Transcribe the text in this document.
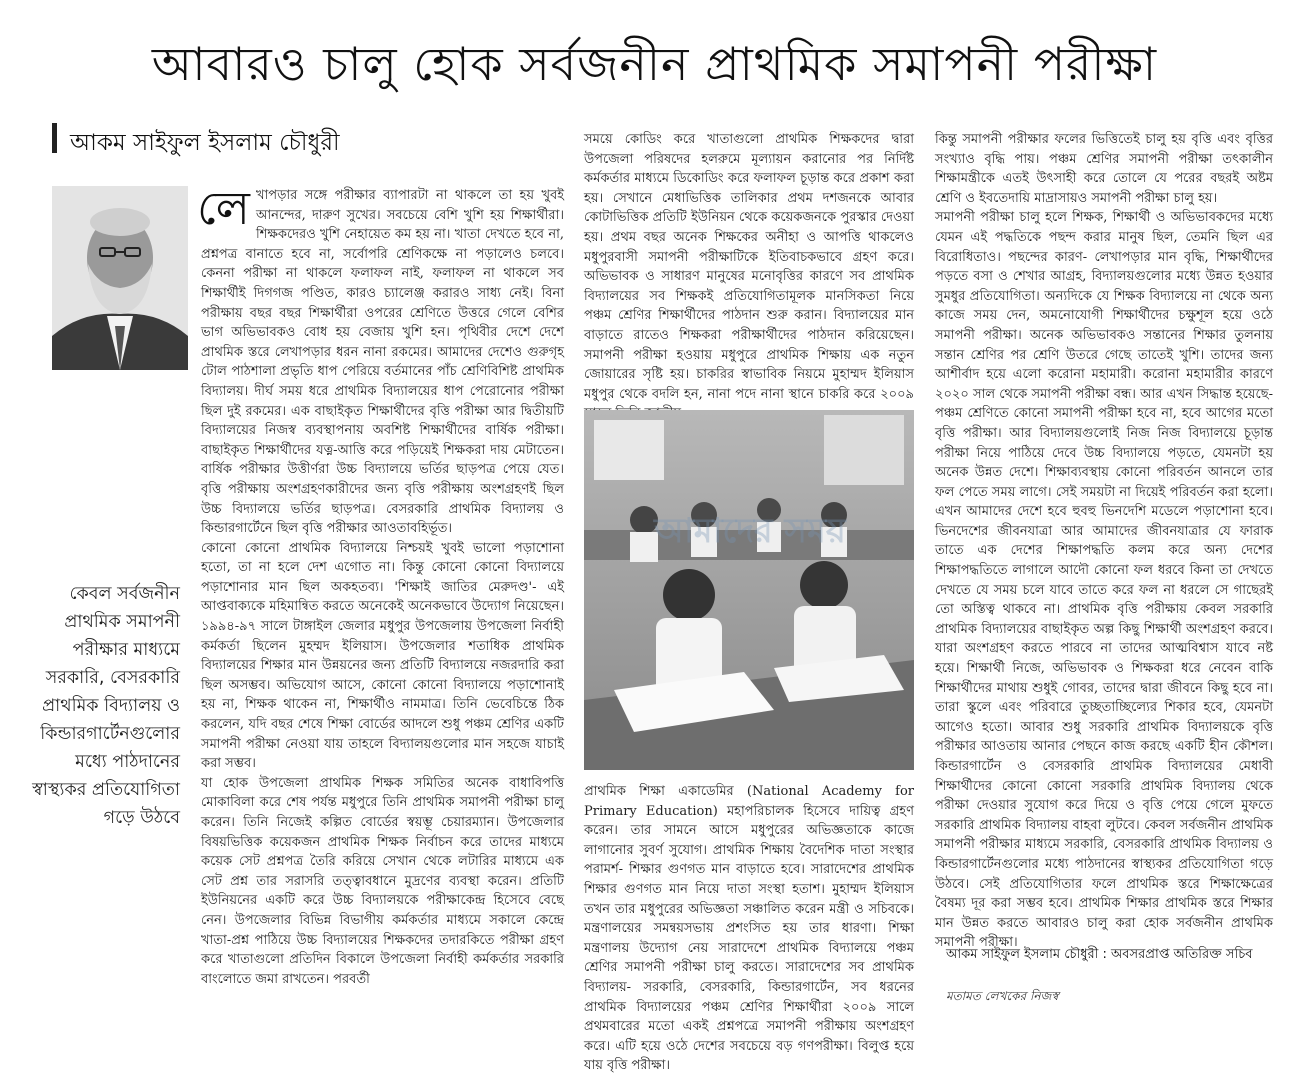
আবারও চালু হোক সর্বজনীন প্রাথমিক সমাপনী পরীক্ষা
আকম সাইফুল ইসলাম চৌধুরী
কেবল সর্বজনীন প্রাথমিক সমাপনী পরীক্ষার মাধ্যমে সরকারি, বেসরকারি প্রাথমিক বিদ্যালয় ও কিন্ডারগার্টেনগুলোর মধ্যে পাঠদানের স্বাস্থ্যকর প্রতিযোগিতা গড়ে উঠবে
লে খাপড়ার সঙ্গে পরীক্ষার ব্যাপারটা না থাকলে তা হয় খুবই আনন্দের, দারুণ সুখের। সবচেয়ে বেশি খুশি হয় শিক্ষার্থীরা। শিক্ষকদেরও খুশি নেহায়েত কম হয় না। খাতা দেখতে হবে না, প্রশ্নপত্র বানাতে হবে না, সর্বোপরি শ্রেণিকক্ষে না পড়ালেও চলবে। কেননা পরীক্ষা না থাকলে ফলাফল নাই, ফলাফল না থাকলে সব শিক্ষার্থীই দিগগজ পণ্ডিত, কারও চ্যালেঞ্জ করারও সাধ্য নেই। বিনা পরীক্ষায় বছর বছর শিক্ষার্থীরা ওপরের শ্রেণিতে উত্তরে গেলে বেশির ভাগ অভিভাবকও বোধ হয় বেজায় খুশি হন। পৃথিবীর দেশে দেশে প্রাথমিক স্তরে লেখাপড়ার ধরন নানা রকমের। আমাদের দেশেও গুরুগৃহ টোল পাঠশালা প্রভৃতি ধাপ পেরিয়ে বর্তমানের পাঁচ শ্রেণিবিশিষ্ট প্রাথমিক বিদ্যালয়। দীর্ঘ সময় ধরে প্রাথমিক বিদ্যালয়ের ধাপ পেরোনোর পরীক্ষা ছিল দুই রকমের। এক বাছাইকৃত শিক্ষার্থীদের বৃত্তি পরীক্ষা আর দ্বিতীয়টি বিদ্যালয়ের নিজস্ব ব্যবস্থাপনায় অবশিষ্ট শিক্ষার্থীদের বার্ষিক পরীক্ষা। বাছাইকৃত শিক্ষার্থীদের যত্ন-আত্তি করে পড়িয়েই শিক্ষকরা দায় মেটাতেন। বার্ষিক পরীক্ষার উত্তীর্ণরা উচ্চ বিদ্যালয়ে ভর্তির ছাড়পত্র পেয়ে যেত। বৃত্তি পরীক্ষায় অংশগ্রহণকারীদের জন্য বৃত্তি পরীক্ষায় অংশগ্রহণই ছিল উচ্চ বিদ্যালয়ে ভর্তির ছাড়পত্র। বেসরকারি প্রাথমিক বিদ্যালয় ও কিন্ডারগার্টেনে ছিল বৃত্তি পরীক্ষার আওতাবহির্ভূত।

কোনো কোনো প্রাথমিক বিদ্যালয়ে নিশ্চয়ই খুবই ভালো পড়াশোনা হতো, তা না হলে দেশ এগোত না। কিন্তু কোনো কোনো বিদ্যালয়ে পড়াশোনার মান ছিল অকহতব্য। 'শিক্ষাই জাতির মেরুদণ্ড'- এই আপ্তবাক্যকে মহিমান্বিত করতে অনেকেই অনেকভাবে উদ্যোগ নিয়েছেন। ১৯৯৪-৯৭ সালে টাঙ্গাইল জেলার মধুপুর উপজেলায় উপজেলা নির্বাহী কর্মকর্তা ছিলেন মুহম্মদ ইলিয়াস। উপজেলার শতাধিক প্রাথমিক বিদ্যালয়ের শিক্ষার মান উন্নয়নের জন্য প্রতিটি বিদ্যালয়ে নজরদারি করা ছিল অসম্ভব। অভিযোগ আসে, কোনো কোনো বিদ্যালয়ে পড়াশোনাই হয় না, শিক্ষক থাকেন না, শিক্ষার্থীও নামমাত্র। তিনি ভেবেচিন্তে ঠিক করলেন, যদি বছর শেষে শিক্ষা বোর্ডের আদলে শুধু পঞ্চম শ্রেণির একটি সমাপনী পরীক্ষা নেওয়া যায় তাহলে বিদ্যালয়গুলোর মান সহজে যাচাই করা সম্ভব।

যা হোক উপজেলা প্রাথমিক শিক্ষক সমিতির অনেক বাধাবিপত্তি মোকাবিলা করে শেষ পর্যন্ত মধুপুরে তিনি প্রাথমিক সমাপনী পরীক্ষা চালু করেন। তিনি নিজেই কল্পিত বোর্ডের স্বয়ম্ভূ চেয়ারম্যান। উপজেলার বিষয়ভিত্তিক কয়েকজন প্রাথমিক শিক্ষক নির্বাচন করে তাদের মাধ্যমে কয়েক সেট প্রশ্নপত্র তৈরি করিয়ে সেখান থেকে লটারির মাধ্যমে এক সেট প্রশ্ন তার সরাসরি তত্ত্বাবধানে মুদ্রণের ব্যবস্থা করেন। প্রতিটি ইউনিয়নের একটি করে উচ্চ বিদ্যালয়কে পরীক্ষাকেন্দ্র হিসেবে বেছে নেন। উপজেলার বিভিন্ন বিভাগীয় কর্মকর্তার মাধ্যমে সকালে কেন্দ্রে খাতা-প্রশ্ন পাঠিয়ে উচ্চ বিদ্যালয়ের শিক্ষকদের তদারকিতে পরীক্ষা গ্রহণ করে খাতাগুলো প্রতিদিন বিকালে উপজেলা নির্বাহী কর্মকর্তার সরকারি বাংলোতে জমা রাখতেন। পরবর্তী

সময়ে কোডিং করে খাতাগুলো প্রাথমিক শিক্ষকদের দ্বারা উপজেলা পরিষদের হলরুমে মূল্যায়ন করানোর পর নির্দিষ্ট কর্মকর্তার মাধ্যমে ডিকোডিং করে ফলাফল চূড়ান্ত করে প্রকাশ করা হয়। সেখানে মেধাভিত্তিক তালিকার প্রথম দশজনকে আবার কোটাভিত্তিক প্রতিটি ইউনিয়ন থেকে কয়েকজনকে পুরস্কার দেওয়া হয়। প্রথম বছর অনেক শিক্ষকের অনীহা ও আপত্তি থাকলেও মধুপুরবাসী সমাপনী পরীক্ষাটিকে ইতিবাচকভাবে গ্রহণ করে। অভিভাবক ও সাধারণ মানুষের মনোবৃত্তির কারণে সব প্রাথমিক বিদ্যালয়ের সব শিক্ষকই প্রতিযোগিতামূলক মানসিকতা নিয়ে পঞ্চম শ্রেণির শিক্ষার্থীদের পাঠদান শুরু করান। বিদ্যালয়ের মান বাড়াতে রাতেও শিক্ষকরা পরীক্ষার্থীদের পাঠদান করিয়েছেন। সমাপনী পরীক্ষা হওয়ায় মধুপুরে প্রাথমিক শিক্ষায় এক নতুন জোয়ারের সৃষ্টি হয়। চাকরির স্বাভাবিক নিয়মে মুহাম্মদ ইলিয়াস মধুপুর থেকে বদলি হন, নানা পদে নানা স্থানে চাকরি করে ২০০৯

আমাদের সময়

প্রাথমিক শিক্ষা একাডেমির (National Academy for Primary Education) মহাপরিচালক হিসেবে দায়িত্ব গ্রহণ করেন। তার সামনে আসে মধুপুরের অভিজ্ঞতাকে কাজে লাগানোর সুবর্ণ সুযোগ। প্রাথমিক শিক্ষায় বৈদেশিক দাতা সংস্থার পরামর্শ- শিক্ষার গুণগত মান বাড়াতে হবে। সারাদেশের প্রাথমিক শিক্ষার গুণগত মান নিয়ে দাতা সংস্থা হতাশ। মুহাম্মদ ইলিয়াস তখন তার মধুপুরের অভিজ্ঞতা সঞ্চালিত করেন মন্ত্রী ও সচিবকে। মন্ত্রণালয়ের সমন্বয়সভায় প্রশংসিত হয় তার ধারণা। শিক্ষা মন্ত্রণালয় উদ্যোগ নেয় সারাদেশে প্রাথমিক বিদ্যালয়ে পঞ্চম শ্রেণির সমাপনী পরীক্ষা চালু করতে। সারাদেশের সব প্রাথমিক বিদ্যালয়- সরকারি, বেসরকারি, কিন্ডারগার্টেন, সব ধরনের প্রাথমিক বিদ্যালয়ের পঞ্চম শ্রেণির শিক্ষার্থীরা ২০০৯ সালে প্রথমবারের মতো একই প্রশ্নপত্রে সমাপনী পরীক্ষায় অংশগ্রহণ করে। এটি হয়ে ওঠে দেশের সবচেয়ে বড় গণপরীক্ষা। বিলুপ্ত হয়ে যায় বৃত্তি পরীক্ষা।

কিন্তু সমাপনী পরীক্ষার ফলের ভিত্তিতেই চালু হয় বৃত্তি এবং বৃত্তির সংখ্যাও বৃদ্ধি পায়। পঞ্চম শ্রেণির সমাপনী পরীক্ষা তৎকালীন শিক্ষামন্ত্রীকে এতই উৎসাহী করে তোলে যে পরের বছরই অষ্টম শ্রেণি ও ইবতেদায়ি মাদ্রাসায়ও সমাপনী পরীক্ষা চালু হয়।

সমাপনী পরীক্ষা চালু হলে শিক্ষক, শিক্ষার্থী ও অভিভাবকদের মধ্যে যেমন এই পদ্ধতিকে পছন্দ করার মানুষ ছিল, তেমনি ছিল এর বিরোধিতাও। পছন্দের কারণ- লেখাপড়ার মান বৃদ্ধি, শিক্ষার্থীদের পড়তে বসা ও শেখার আগ্রহ, বিদ্যালয়গুলোর মধ্যে উন্নত হওয়ার সুমধুর প্রতিযোগিতা। অন্যদিকে যে শিক্ষক বিদ্যালয়ে না থেকে অন্য কাজে সময় দেন, অমনোযোগী শিক্ষার্থীদের চক্ষুশূল হয়ে ওঠে সমাপনী পরীক্ষা। অনেক অভিভাবকও সন্তানের শিক্ষার তুলনায় সন্তান শ্রেণির পর শ্রেণি উতরে গেছে তাতেই খুশি। তাদের জন্য আশীর্বাদ হয়ে এলো করোনা মহামারী। করোনা মহামারীর কারণে ২০২০ সাল থেকে সমাপনী পরীক্ষা বন্ধ। আর এখন সিদ্ধান্ত হয়েছে- পঞ্চম শ্রেণিতে কোনো সমাপনী পরীক্ষা হবে না, হবে আগের মতো বৃত্তি পরীক্ষা। আর বিদ্যালয়গুলোই নিজ নিজ বিদ্যালয়ে চূড়ান্ত পরীক্ষা নিয়ে পাঠিয়ে দেবে উচ্চ বিদ্যালয়ে পড়তে, যেমনটা হয় অনেক উন্নত দেশে। শিক্ষাব্যবস্থায় কোনো পরিবর্তন আনলে তার ফল পেতে সময় লাগে। সেই সময়টা না দিয়েই পরিবর্তন করা হলো। এখন আমাদের দেশে হবে হুবহু ভিনদেশি মডেলে পড়াশোনা হবে। ভিনদেশের জীবনযাত্রা আর আমাদের জীবনযাত্রার যে ফারাক তাতে এক দেশের শিক্ষাপদ্ধতি কলম করে অন্য দেশের শিক্ষাপদ্ধতিতে লাগালে আদৌ কোনো ফল ধরবে কিনা তা দেখতে দেখতে যে সময় চলে যাবে তাতে করে ফল না ধরলে সে গাছেরই তো অস্তিত্ব থাকবে না। প্রাথমিক বৃত্তি পরীক্ষায় কেবল সরকারি প্রাথমিক বিদ্যালয়ের বাছাইকৃত অল্প কিছু শিক্ষার্থী অংশগ্রহণ করবে। যারা অংশগ্রহণ করতে পারবে না তাদের আত্মবিশ্বাস যাবে নষ্ট হয়ে। শিক্ষার্থী নিজে, অভিভাবক ও শিক্ষকরা ধরে নেবেন বাকি শিক্ষার্থীদের মাথায় শুধুই গোবর, তাদের দ্বারা জীবনে কিছু হবে না। তারা স্কুলে এবং পরিবারে তুচ্ছতাচ্ছিল্যের শিকার হবে, যেমনটা আগেও হতো। আবার শুধু সরকারি প্রাথমিক বিদ্যালয়কে বৃত্তি পরীক্ষার আওতায় আনার পেছনে কাজ করছে একটি হীন কৌশল। কিন্ডারগার্টেন ও বেসরকারি প্রাথমিক বিদ্যালয়ের মেধাবী শিক্ষার্থীদের কোনো কোনো সরকারি প্রাথমিক বিদ্যালয় থেকে পরীক্ষা দেওয়ার সুযোগ করে দিয়ে ও বৃত্তি পেয়ে গেলে মুফতে সরকারি প্রাথমিক বিদ্যালয় বাহবা লুটবে। কেবল সর্বজনীন প্রাথমিক সমাপনী পরীক্ষার মাধ্যমে সরকারি, বেসরকারি প্রাথমিক বিদ্যালয় ও কিন্ডারগার্টেনগুলোর মধ্যে পাঠদানের স্বাস্থ্যকর প্রতিযোগিতা গড়ে উঠবে। সেই প্রতিযোগিতার ফলে প্রাথমিক স্তরে শিক্ষাক্ষেত্রের বৈষম্য দূর করা সম্ভব হবে। প্রাথমিক শিক্ষার প্রাথমিক স্তরে শিক্ষার মান উন্নত করতে আবারও চালু করা হোক সর্বজনীন প্রাথমিক সমাপনী পরীক্ষা।

আকম সাইফুল ইসলাম চৌধুরী : অবসরপ্রাপ্ত অতিরিক্ত সচিব
মতামত লেখকের নিজস্ব
